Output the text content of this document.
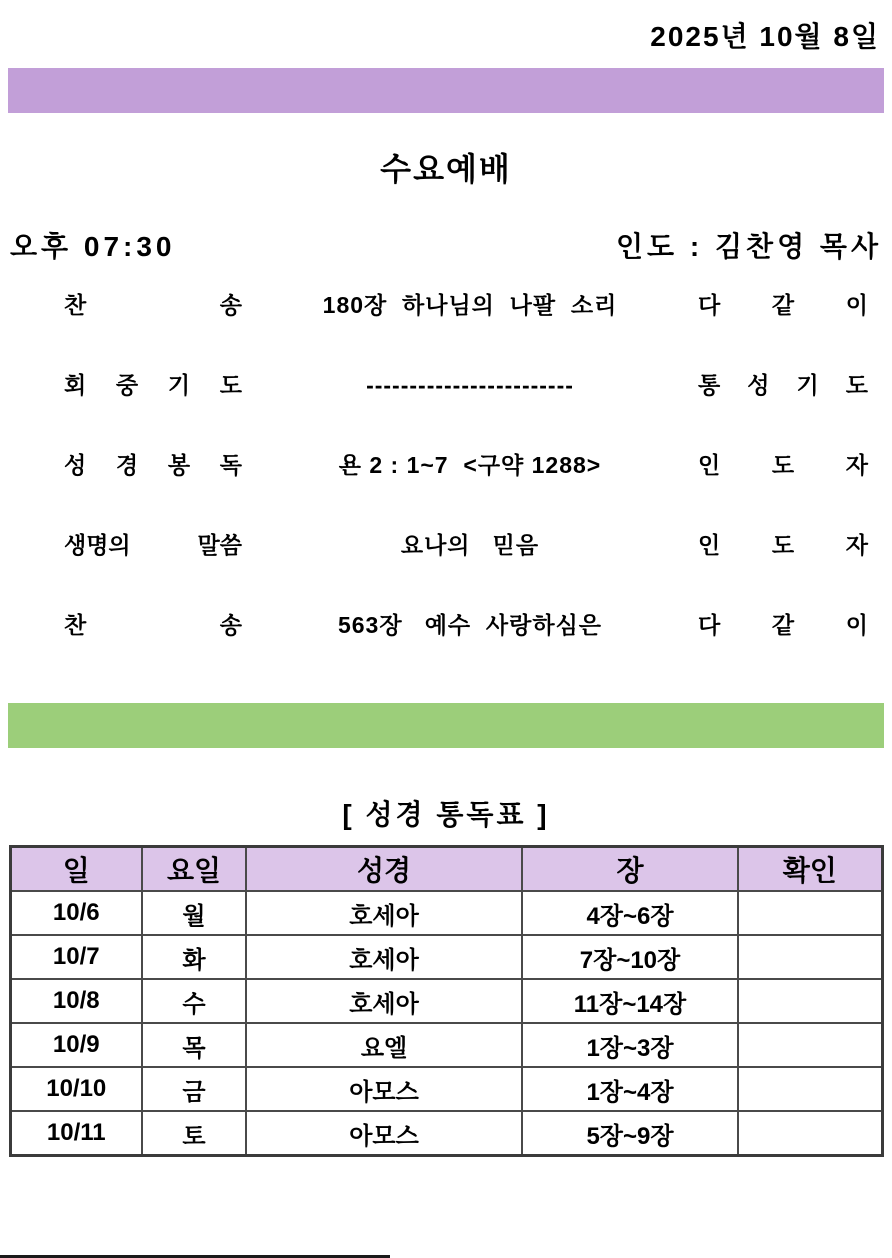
2025년 10월 8일
수요예배
오후 07:30	인도 : 김찬영 목사
찬 송	180장  하나님의  나팔  소리	다 같 이
회 중 기 도	------------------------	통 성 기 도
성 경 봉 독	욘 2 : 1~7  <구약 1288>	인 도 자
생명의 말씀	요나의   믿음	인 도 자
찬 송	563장   예수  사랑하심은	다 같 이
[ 성경 통독표 ]
일	요일	성경	장	확인
10/6	월	호세아	4장~6장	
10/7	화	호세아	7장~10장	
10/8	수	호세아	11장~14장	
10/9	목	요엘	1장~3장	
10/10	금	아모스	1장~4장	
10/11	토	아모스	5장~9장	
